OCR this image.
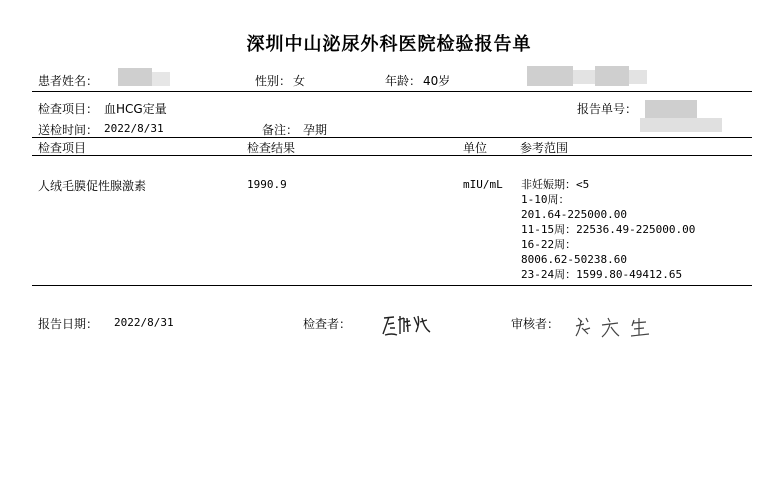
深圳中山泌尿外科医院检验报告单
患者姓名：	性别： 女	年龄： 40岁
检查项目： 血HCG定量	报告单号：
送检时间： 2022/8/31	备注： 孕期
检查项目	检查结果	单位	参考范围
人绒毛膜促性腺激素	1990.9	mIU/mL 非妊娠期：<5
1-10周：
201.64-225000.00
11-15周：22536.49-225000.00
16-22周：
8006.62-50238.60
23-24周：1599.80-49412.65
报告日期： 2022/8/31	检查者：	审核者：
